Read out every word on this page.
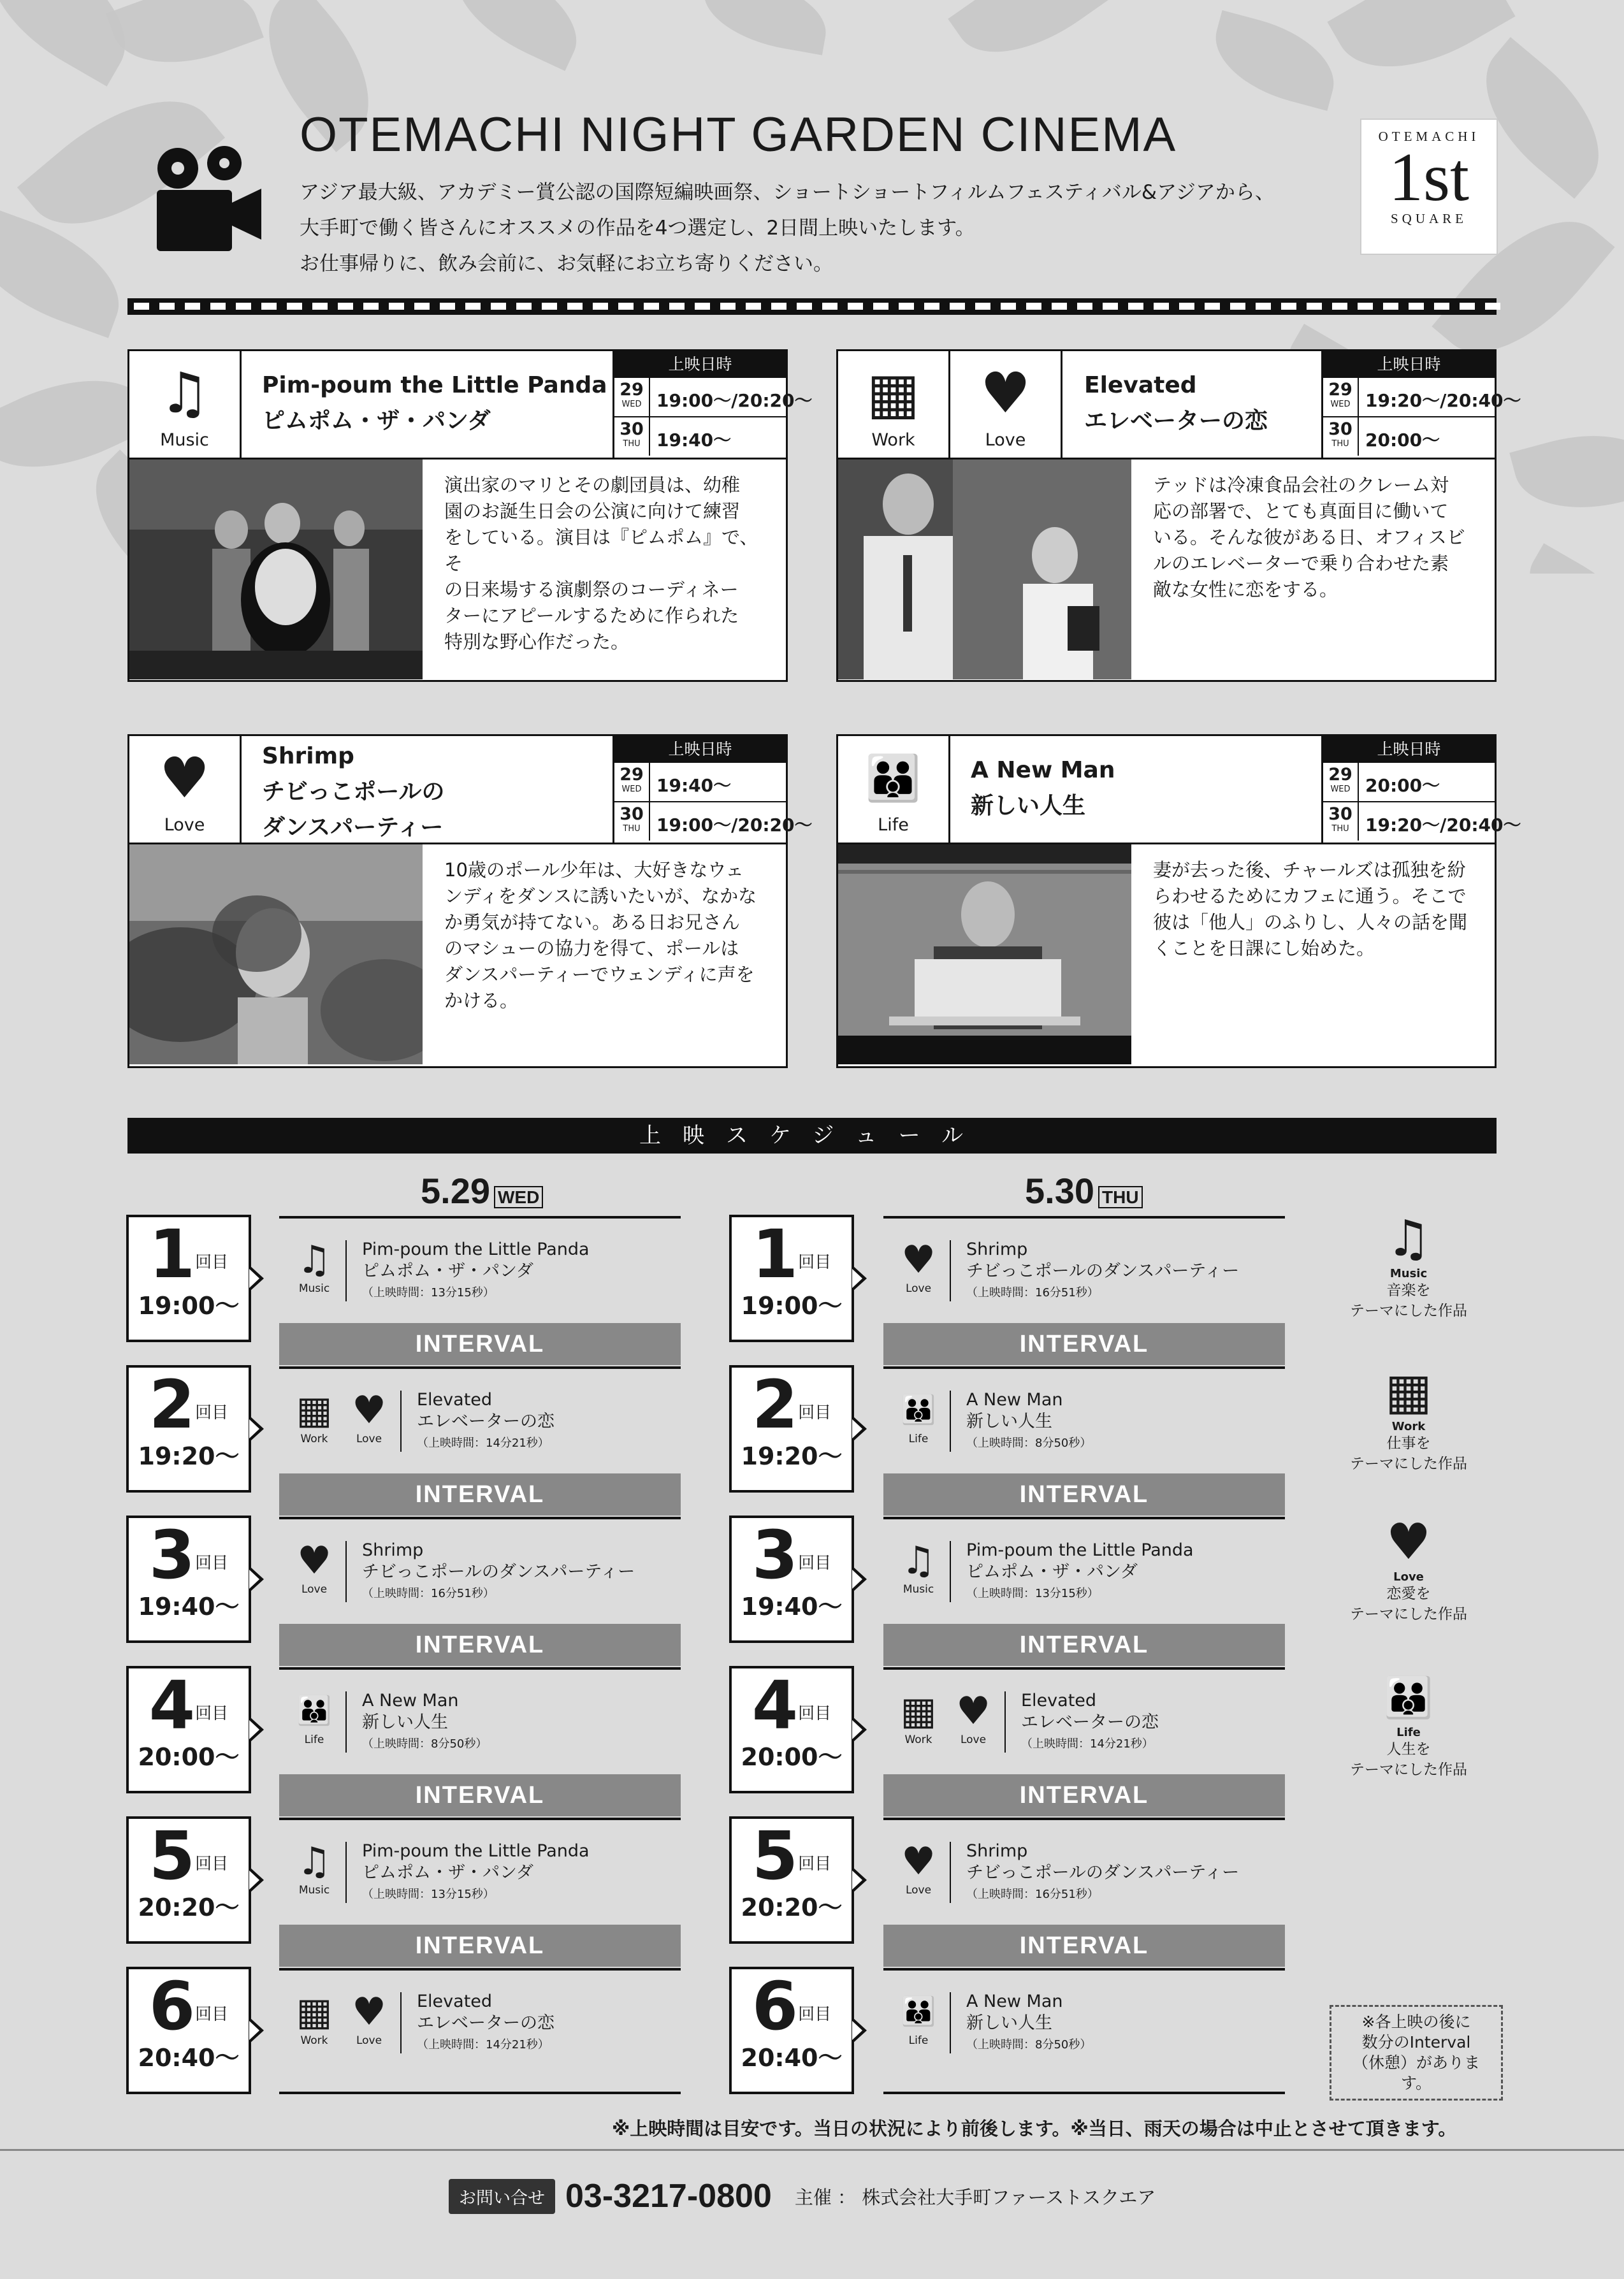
OTEMACHI NIGHT GARDEN CINEMA
アジア最大級、アカデミー賞公認の国際短編映画祭、ショートショートフィルムフェスティバル&アジアから、
大手町で働く皆さんにオススメの作品を4つ選定し、2日間上映いたします。
お仕事帰りに、飲み会前に、お気軽にお立ち寄りください。
OTEMACHI
1st
SQUARE
♫
Music
Pim-poum the Little Panda
ピムポム・ザ・パンダ
上映日時
29
WED 19:00〜/20:20〜
30
THU 19:40〜
演出家のマリとその劇団員は、幼稚
園のお誕生日会の公演に向けて練習
をしている。演目は『ピムポム』で、そ
の日来場する演劇祭のコーディネー
ターにアピールするために作られた
特別な野心作だった。
▦
Work
♥
Love
Elevated
エレベーターの恋
上映日時
29
WED 19:20〜/20:40〜
30
THU 20:00〜
テッドは冷凍食品会社のクレーム対
応の部署で、とても真面目に働いて
いる。そんな彼がある日、オフィスビ
ルのエレベーターで乗り合わせた素
敵な女性に恋をする。
♥
Love
Shrimp
チビっこポールの
ダンスパーティー
上映日時
29
WED 19:40〜
30
THU 19:00〜/20:20〜
10歳のポール少年は、大好きなウェ
ンディをダンスに誘いたいが、なかな
か勇気が持てない。ある日お兄さん
のマシューの協力を得て、ポールは
ダンスパーティーでウェンディに声を
かける。
👪
Life
A New Man
新しい人生
上映日時
29
WED 20:00〜
30
THU 19:20〜/20:40〜
妻が去った後、チャールズは孤独を紛
らわせるためにカフェに通う。そこで
彼は「他人」のふりし、人々の話を聞
くことを日課にし始めた。
上映スケジュール
5.29 WED	5.30 THU
1回目
19:00〜
♫
Music
Pim-poum the Little Panda
ピムポム・ザ・パンダ
（上映時間：13分15秒）
INTERVAL
2回目
19:20〜
▦
Work
♥
Love
Elevated
エレベーターの恋
（上映時間：14分21秒）
INTERVAL
3回目
19:40〜
♥
Love
Shrimp
チビっこポールのダンスパーティー
（上映時間：16分51秒）
INTERVAL
4回目
20:00〜
👪
Life
A New Man
新しい人生
（上映時間：8分50秒）
INTERVAL
5回目
20:20〜
♫
Music
Pim-poum the Little Panda
ピムポム・ザ・パンダ
（上映時間：13分15秒）
INTERVAL
6回目
20:40〜
▦
Work
♥
Love
Elevated
エレベーターの恋
（上映時間：14分21秒）
1回目
19:00〜
♥
Love
Shrimp
チビっこポールのダンスパーティー
（上映時間：16分51秒）
INTERVAL
2回目
19:20〜
👪
Life
A New Man
新しい人生
（上映時間：8分50秒）
INTERVAL
3回目
19:40〜
♫
Music
Pim-poum the Little Panda
ピムポム・ザ・パンダ
（上映時間：13分15秒）
INTERVAL
4回目
20:00〜
▦
Work
♥
Love
Elevated
エレベーターの恋
（上映時間：14分21秒）
INTERVAL
5回目
20:20〜
♥
Love
Shrimp
チビっこポールのダンスパーティー
（上映時間：16分51秒）
INTERVAL
6回目
20:40〜
👪
Life
A New Man
新しい人生
（上映時間：8分50秒）
♫
Music
音楽を
テーマにした作品
▦
Work
仕事を
テーマにした作品
♥
Love
恋愛を
テーマにした作品
👪
Life
人生を
テーマにした作品
※各上映の後に
数分のInterval
（休憩）があります。
※上映時間は目安です。当日の状況により前後します。※当日、雨天の場合は中止とさせて頂きます。
お問い合せ 03-3217-0800 主催 ： 株式会社大手町ファーストスクエア
